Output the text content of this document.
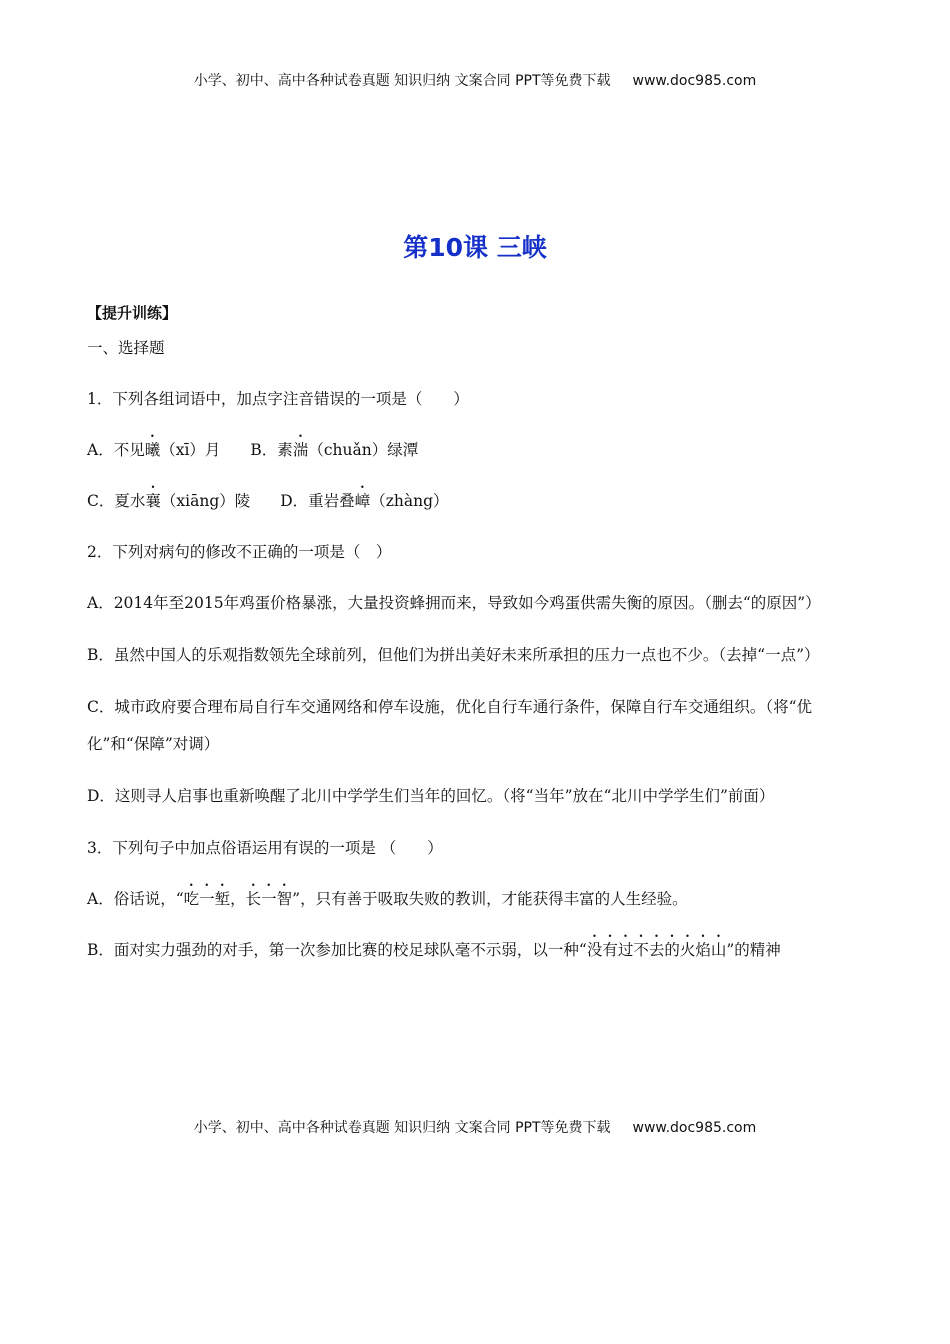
小学、初中、高中各种试卷真题 知识归纳 文案合同 PPT等免费下载 www.doc985.com
第10课 三峡
【提升训练】
一、选择题
1．下列各组词语中，加点字注音错误的一项是（　　）
A．不见曦（xī）月 B．素湍（chuǎn）绿潭
C．夏水襄（xiāng）陵 D．重岩叠嶂（zhàng）
2．下列对病句的修改不正确的一项是（　）
A．2014年至2015年鸡蛋价格暴涨，大量投资蜂拥而来，导致如今鸡蛋供需失衡的原因。（删去“的原因”）
B．虽然中国人的乐观指数领先全球前列，但他们为拼出美好未来所承担的压力一点也不少。（去掉“一点”）
C．城市政府要合理布局自行车交通网络和停车设施，优化自行车通行条件，保障自行车交通组织。（将“优化”和“保障”对调）
D．这则寻人启事也重新唤醒了北川中学学生们当年的回忆。（将“当年”放在“北川中学学生们”前面）
3．下列句子中加点俗语运用有误的一项是 （　　）
A．俗话说，“吃一堑，长一智”，只有善于吸取失败的教训，才能获得丰富的人生经验。
B．面对实力强劲的对手，第一次参加比赛的校足球队毫不示弱，以一种“没有过不去的火焰山”的精神
小学、初中、高中各种试卷真题 知识归纳 文案合同 PPT等免费下载 www.doc985.com
